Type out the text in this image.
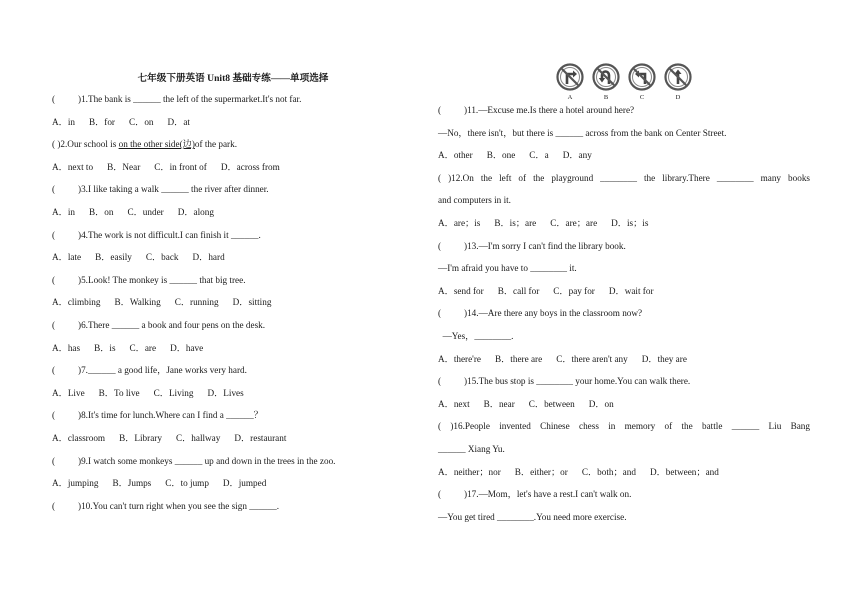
七年级下册英语 Unit8 基础专练——单项选择
A	B	C	D
(          )1.The bank is ______ the left of the supermarket.It's not far.
A．in B．for C．on D．at
( )2.Our school is on the other side(边)of the park.
A．next to B．Near C．in front of D．across from
(          )3.I like taking a walk ______ the river after dinner.
A．in B．on C．under D．along
(          )4.The work is not difficult.I can finish it ______.
A．late B．easily C．back D．hard
(          )5.Look! The monkey is ______ that big tree.
A．climbing B．Walking C．running D．sitting
(          )6.There ______ a book and four pens on the desk.
A．has B．is C．are D．have
(          )7.______ a good life，Jane works very hard.
A．Live B．To live C．Living D．Lives
(          )8.It's time for lunch.Where can I find a ______？
A．classroom B．Library C．hallway D．restaurant
(          )9.I watch some monkeys ______ up and down in the trees in the zoo.
A．jumping B．Jumps C．to jump D．jumped
(          )10.You can't turn right when you see the sign ______.
(          )11.—Excuse me.Is there a hotel around here?
—No，there isn't，but there is ______ across from the bank on Center Street.
A．other B．one C．a D．any
( )12.On the left of the playground ________ the library.There ________ many books
and computers in it.
A．are；is B．is；are C．are；are D．is；is
(          )13.—I'm sorry I can't find the library book.
—I'm afraid you have to ________ it.
A．send for B．call for C．pay for D．wait for
(          )14.—Are there any boys in the classroom now?
—Yes，________.
A．there're B．there are C．there aren't any D．they are
(          )15.The bus stop is ________ your home.You can walk there.
A．next B．near C．between D．on
( )16.People invented Chinese chess in memory of the battle ______ Liu Bang
______ Xiang Yu.
A．neither；nor B．either；or C．both；and D．between；and
(          )17.—Mom，let's have a rest.I can't walk on.
—You get tired ________.You need more exercise.
